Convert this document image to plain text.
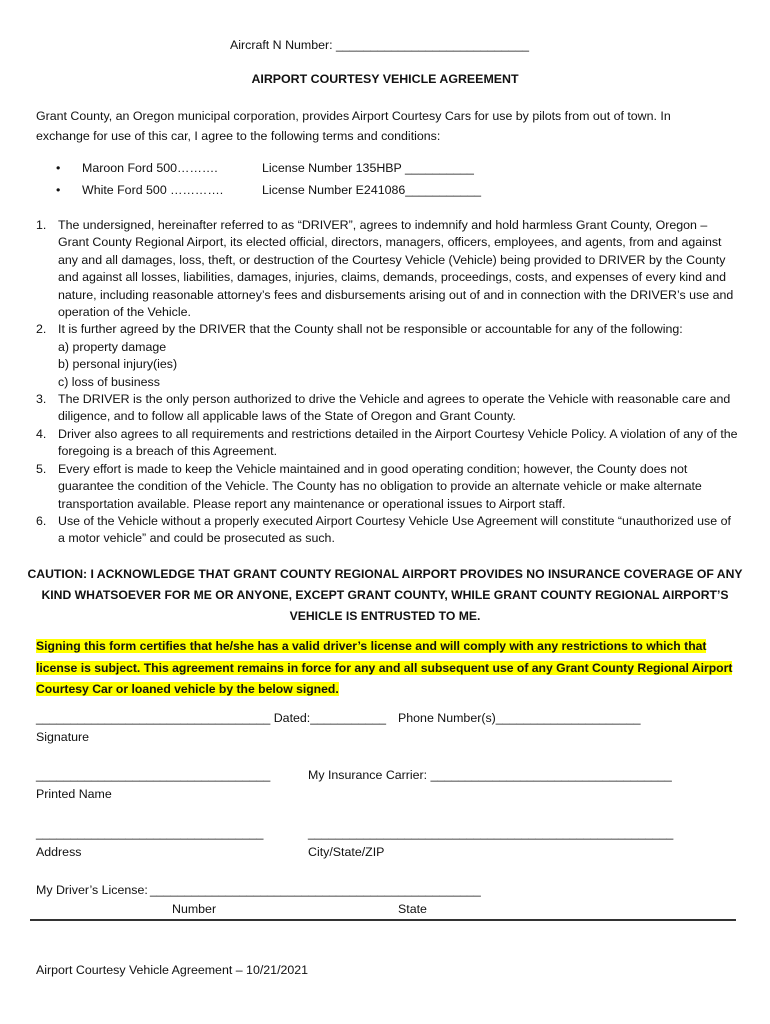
Aircraft N Number: ____________________________
AIRPORT COURTESY VEHICLE AGREEMENT
Grant County, an Oregon municipal corporation, provides Airport Courtesy Cars for use by pilots from out of town. In exchange for use of this car, I agree to the following terms and conditions:
• Maroon Ford 500……….	License Number 135HBP __________
• White Ford 500 ………….	License Number E241086___________
1. The undersigned, hereinafter referred to as “DRIVER”, agrees to indemnify and hold harmless Grant County, Oregon – Grant County Regional Airport, its elected official, directors, managers, officers, employees, and agents, from and against any and all damages, loss, theft, or destruction of the Courtesy Vehicle (Vehicle) being provided to DRIVER by the County and against all losses, liabilities, damages, injuries, claims, demands, proceedings, costs, and expenses of every kind and nature, including reasonable attorney’s fees and disbursements arising out of and in connection with the DRIVER’s use and operation of the Vehicle.
2. It is further agreed by the DRIVER that the County shall not be responsible or accountable for any of the following:
a) property damage
b) personal injury(ies)
c) loss of business
3. The DRIVER is the only person authorized to drive the Vehicle and agrees to operate the Vehicle with reasonable care and diligence, and to follow all applicable laws of the State of Oregon and Grant County.
4. Driver also agrees to all requirements and restrictions detailed in the Airport Courtesy Vehicle Policy. A violation of any of the foregoing is a breach of this Agreement.
5. Every effort is made to keep the Vehicle maintained and in good operating condition; however, the County does not guarantee the condition of the Vehicle. The County has no obligation to provide an alternate vehicle or make alternate transportation available. Please report any maintenance or operational issues to Airport staff.
6. Use of the Vehicle without a properly executed Airport Courtesy Vehicle Use Agreement will constitute “unauthorized use of a motor vehicle” and could be prosecuted as such.
CAUTION: I ACKNOWLEDGE THAT GRANT COUNTY REGIONAL AIRPORT PROVIDES NO INSURANCE COVERAGE OF ANY
KIND WHATSOEVER FOR ME OR ANYONE, EXCEPT GRANT COUNTY, WHILE GRANT COUNTY REGIONAL AIRPORT’S
VEHICLE IS ENTRUSTED TO ME.
Signing this form certifies that he/she has a valid driver’s license and will comply with any restrictions to which that
license is subject. This agreement remains in force for any and all subsequent use of any Grant County Regional Airport
Courtesy Car or loaned vehicle by the below signed.
__________________________________ Dated:___________ Phone Number(s)_____________________
Signature
__________________________________	My Insurance Carrier: ___________________________________
Printed Name
_________________________________	_____________________________________________________
Address	City/State/ZIP
My Driver’s License: ________________________________________________
Number	State
Airport Courtesy Vehicle Agreement – 10/21/2021
